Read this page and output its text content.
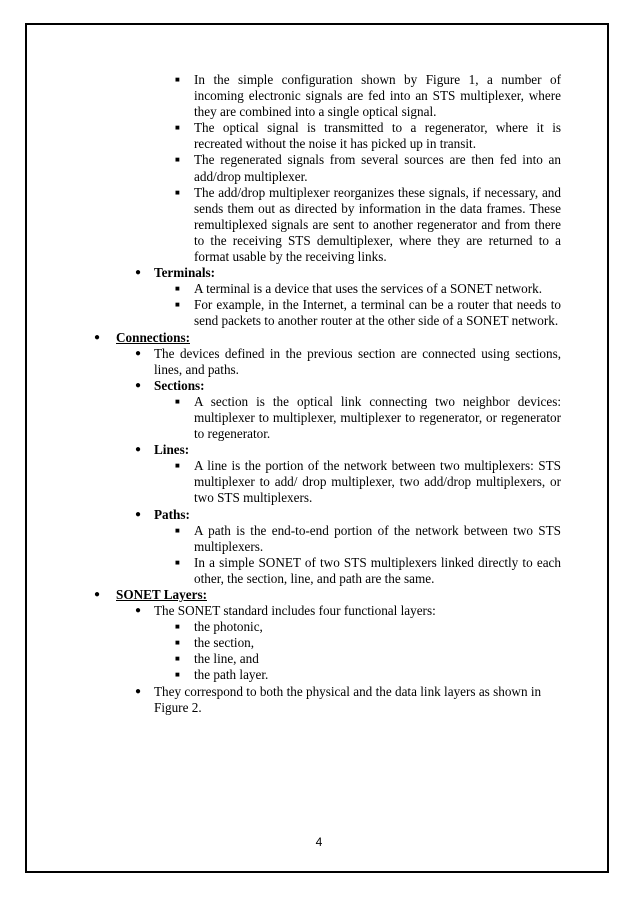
■ In the simple configuration shown by Figure 1, a number of incoming electronic signals are fed into an STS multiplexer, where they are combined into a single optical signal.
■ The optical signal is transmitted to a regenerator, where it is recreated without the noise it has picked up in transit.
■ The regenerated signals from several sources are then fed into an add/drop multiplexer.
■ The add/drop multiplexer reorganizes these signals, if necessary, and sends them out as directed by information in the data frames. These remultiplexed signals are sent to another regenerator and from there to the receiving STS demultiplexer, where they are returned to a format usable by the receiving links.
● Terminals:
■ A terminal is a device that uses the services of a SONET network.
■ For example, in the Internet, a terminal can be a router that needs to send packets to another router at the other side of a SONET network.
● Connections:
● The devices defined in the previous section are connected using sections, lines, and paths.
● Sections:
■ A section is the optical link connecting two neighbor devices: multiplexer to multiplexer, multiplexer to regenerator, or regenerator to regenerator.
● Lines:
■ A line is the portion of the network between two multiplexers: STS multiplexer to add/ drop multiplexer, two add/drop multiplexers, or two STS multiplexers.
● Paths:
■ A path is the end-to-end portion of the network between two STS multiplexers.
■ In a simple SONET of two STS multiplexers linked directly to each other, the section, line, and path are the same.
● SONET Layers:
● The SONET standard includes four functional layers:
■ the photonic,
■ the section,
■ the line, and
■ the path layer.
● They correspond to both the physical and the data link layers as shown in Figure 2.
4
